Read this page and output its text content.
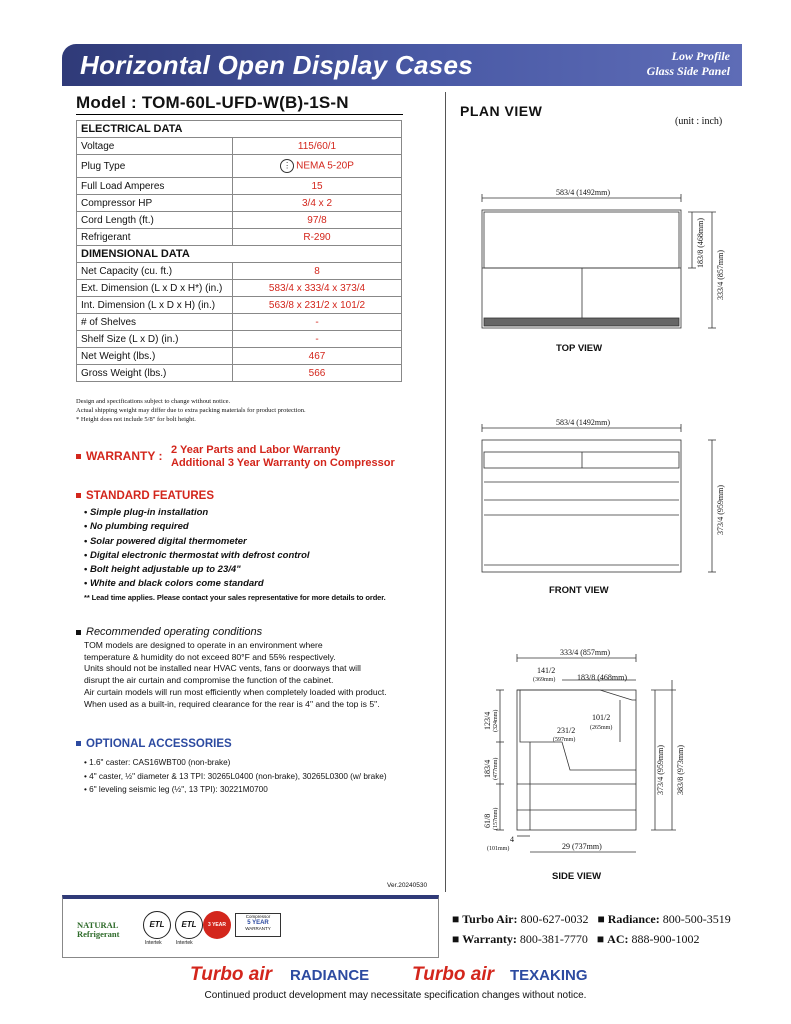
Horizontal Open Display Cases	Low Profile
Glass Side Panel
Model : TOM-60L-UFD-W(B)-1S-N
ELECTRICAL DATA	
Voltage	115/60/1
Plug Type	⋮ NEMA 5-20P
Full Load Amperes	15
Compressor HP	3/4 x 2
Cord Length (ft.)	97/8
Refrigerant	R-290
DIMENSIONAL DATA	
Net Capacity (cu. ft.)	8
Ext. Dimension (L x D x H*) (in.)	583/4 x 333/4 x 373/4
Int. Dimension (L x D x H) (in.)	563/8 x 231/2 x 101/2
# of Shelves	-
Shelf Size (L x D) (in.)	-
Net Weight (lbs.)	467
Gross Weight (lbs.)	566
Design and specifications subject to change without notice.
Actual shipping weight may differ due to extra packing materials for product protection.
* Height does not include 5/8" for bolt height.
WARRANTY : 2 Year Parts and Labor Warranty
Additional 3 Year Warranty on Compressor
STANDARD FEATURES
• Simple plug-in installation
• No plumbing required
• Solar powered digital thermometer
• Digital electronic thermostat with defrost control
• Bolt height adjustable up to 23/4"
• White and black colors come standard
** Lead time applies. Please contact your sales representative for more details to order.
Recommended operating conditions
TOM models are designed to operate in an environment where
temperature & humidity do not exceed 80°F and 55% respectively.
Units should not be installed near HVAC vents, fans or doorways that will
disrupt the air curtain and compromise the function of the cabinet.
Air curtain models will run most efficiently when completely loaded with product.
When used as a built-in, required clearance for the rear is 4" and the top is 5".
OPTIONAL ACCESSORIES
• 1.6" caster: CAS16WBT00 (non-brake)
• 4" caster, ½" diameter & 13 TPI: 30265L0400 (non-brake), 30265L0300 (w/ brake)
• 6" leveling seismic leg (½", 13 TPI): 30221M0700
Ver.20240530
NATURAL
Refrigerant
ETL
Intertek
ETL
Intertek
3 YEAR
Compressor
5 YEAR
WARRANTY
■ Turbo Air: 800-627-0032 ■ Radiance: 800-500-3519
■ Warranty: 800-381-7770 ■ AC: 888-900-1002
Turbo air RADIANCE Turbo air TEXAKING
Continued product development may necessitate specification changes without notice.
PLAN VIEW
(unit : inch)
583/4 (1492mm)
183/8 (468mm)
333/4 (857mm)
583/4 (1492mm)
373/4 (959mm)
333/4 (857mm)
141/2
(369mm)	183/8 (468mm)
101/2
(265mm)
231/2
(597mm)
123/4 (324mm)
183/4 (477mm)
61/8 (157mm)
4
(101mm)	29 (737mm)
373/4 (959mm) 383/8 (973mm)
TOP VIEW
FRONT VIEW
SIDE VIEW
